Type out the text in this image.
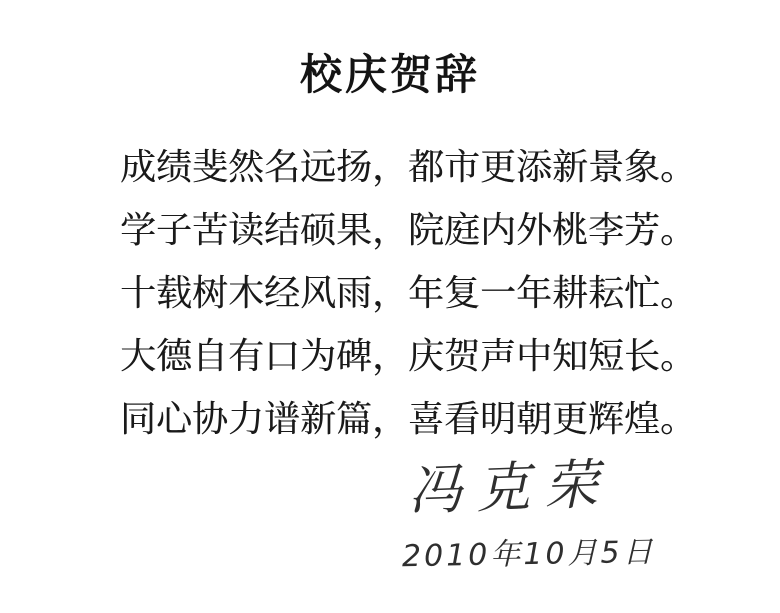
校庆贺辞
成绩斐然名远扬，都市更添新景象。
学子苦读结硕果，院庭内外桃李芳。
十载树木经风雨，年复一年耕耘忙。
大德自有口为碑，庆贺声中知短长。
同心协力谱新篇，喜看明朝更辉煌。
冯克荣
2010年10月5日
